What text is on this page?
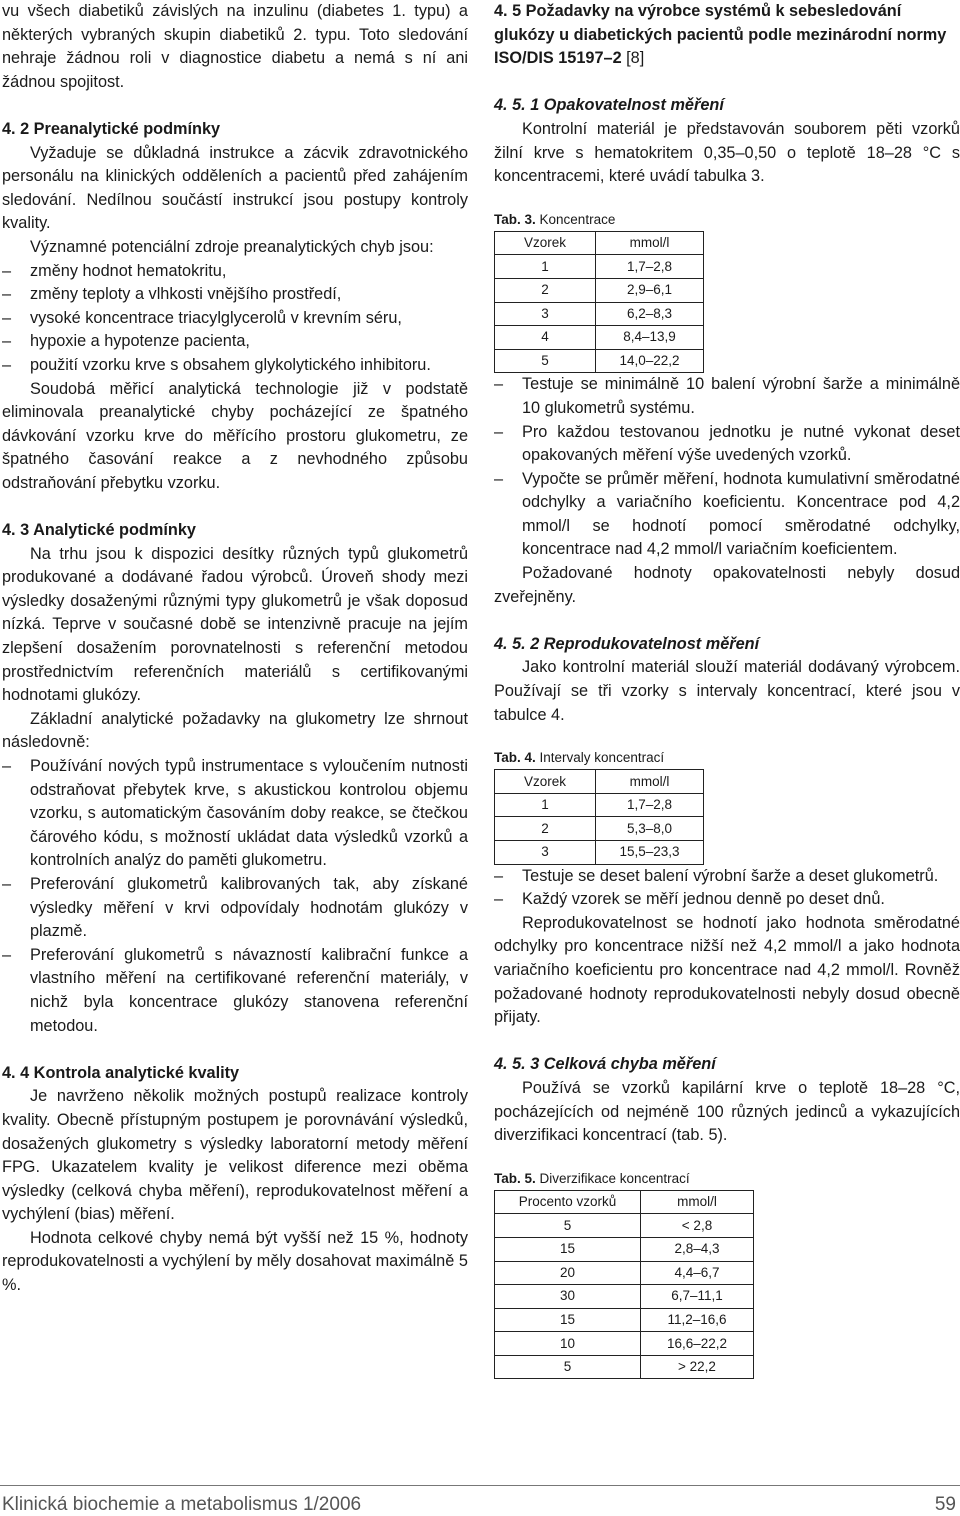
vu všech diabetiků závislých na inzulinu (diabetes 1. typu) a některých vybraných skupin diabetiků 2. typu. Toto sledování nehraje žádnou roli v diagnostice diabetu a nemá s ní ani žádnou spojitost.

4. 2 Preanalytické podmínky

Vyžaduje se důkladná instrukce a zácvik zdravotnického personálu na klinických odděleních a pacientů před zahájením sledování. Nedílnou součástí instrukcí jsou postupy kontroly kvality.

Významné potenciální zdroje preanalytických chyb jsou:

– změny hodnot hematokritu,
– změny teploty a vlhkosti vnějšího prostředí,
– vysoké koncentrace triacylglycerolů v krevním séru,
– hypoxie a hypotenze pacienta,
– použití vzorku krve s obsahem glykolytického inhibitoru.

Soudobá měřicí analytická technologie již v podstatě eliminovala preanalytické chyby pocházející ze špatného dávkování vzorku krve do měřícího prostoru glukometru, ze špatného časování reakce a z nevhodného způsobu odstraňování přebytku vzorku.

4. 3 Analytické podmínky

Na trhu jsou k dispozici desítky různých typů glukometrů produkované a dodávané řadou výrobců. Úroveň shody mezi výsledky dosaženými různými typy glukometrů je však doposud nízká. Teprve v současné době se intenzivně pracuje na jejím zlepšení dosažením porovnatelnosti s referenční metodou prostřednictvím referenčních materiálů s certifikovanými hodnotami glukózy.

Základní analytické požadavky na glukometry lze shrnout následovně:

– Používání nových typů instrumentace s vyloučením nutnosti odstraňovat přebytek krve, s akustickou kontrolou objemu vzorku, s automatickým časováním doby reakce, se čtečkou čárového kódu, s možností ukládat data výsledků vzorků a kontrolních analýz do paměti glukometru.
– Preferování glukometrů kalibrovaných tak, aby získané výsledky měření v krvi odpovídaly hodnotám glukózy v plazmě.
– Preferování glukometrů s návazností kalibrační funkce a vlastního měření na certifikované referenční materiály, v nichž byla koncentrace glukózy stanovena referenční metodou.
4. 4 Kontrola analytické kvality

Je navrženo několik možných postupů realizace kontroly kvality. Obecně přístupným postupem je porovnávání výsledků, dosažených glukometry s výsledky laboratorní metody měření FPG. Ukazatelem kvality je velikost diference mezi oběma výsledky (celková chyba měření), reprodukovatelnost měření a vychýlení (bias) měření.

Hodnota celkové chyby nemá být vyšší než 15 %, hodnoty reprodukovatelnosti a vychýlení by měly dosahovat maximálně 5 %.

4. 5 Požadavky na výrobce systémů k sebesledování glukózy u diabetických pacientů podle mezinárodní normy ISO/DIS 15197–2 [8]
4. 5. 1 Opakovatelnost měření

Kontrolní materiál je představován souborem pěti vzorků žilní krve s hematokritem 0,35–0,50 o teplotě 18–28 °C s koncentracemi, které uvádí tabulka 3.

Tab. 3. Koncentrace
Vzorek	mmol/l
1	1,7–2,8
2	2,9–6,1
3	6,2–8,3
4	8,4–13,9
5	14,0–22,2
– Testuje se minimálně 10 balení výrobní šarže a minimálně 10 glukometrů systému.
– Pro každou testovanou jednotku je nutné vykonat deset opakovaných měření výše uvedených vzorků.
– Vypočte se průměr měření, hodnota kumulativní směrodatné odchylky a variačního koeficientu. Koncentrace pod 4,2 mmol/l se hodnotí pomocí směrodatné odchylky, koncentrace nad 4,2 mmol/l variačním koeficientem.

Požadované hodnoty opakovatelnosti nebyly dosud zveřejněny.

4. 5. 2 Reprodukovatelnost měření

Jako kontrolní materiál slouží materiál dodávaný výrobcem. Používají se tři vzorky s intervaly koncentrací, které jsou v tabulce 4.

Tab. 4. Intervaly koncentrací
Vzorek	mmol/l
1	1,7–2,8
2	5,3–8,0
3	15,5–23,3
– Testuje se deset balení výrobní šarže a deset glukometrů.
– Každý vzorek se měří jednou denně po deset dnů.

Reprodukovatelnost se hodnotí jako hodnota směrodatné odchylky pro koncentrace nižší než 4,2 mmol/l a jako hodnota variačního koeficientu pro koncentrace nad 4,2 mmol/l. Rovněž požadované hodnoty reprodukovatelnosti nebyly dosud obecně přijaty.

4. 5. 3 Celková chyba měření

Používá se vzorků kapilární krve o teplotě 18–28 °C, pocházejících od nejméně 100 různých jedinců a vykazujících diverzifikaci koncentrací (tab. 5).

Tab. 5. Diverzifikace koncentrací
Procento vzorků	mmol/l
5	< 2,8
15	2,8–4,3
20	4,4–6,7
30	6,7–11,1
15	11,2–16,6
10	16,6–22,2
5	> 22,2
Klinická biochemie a metabolismus 1/2006	59
